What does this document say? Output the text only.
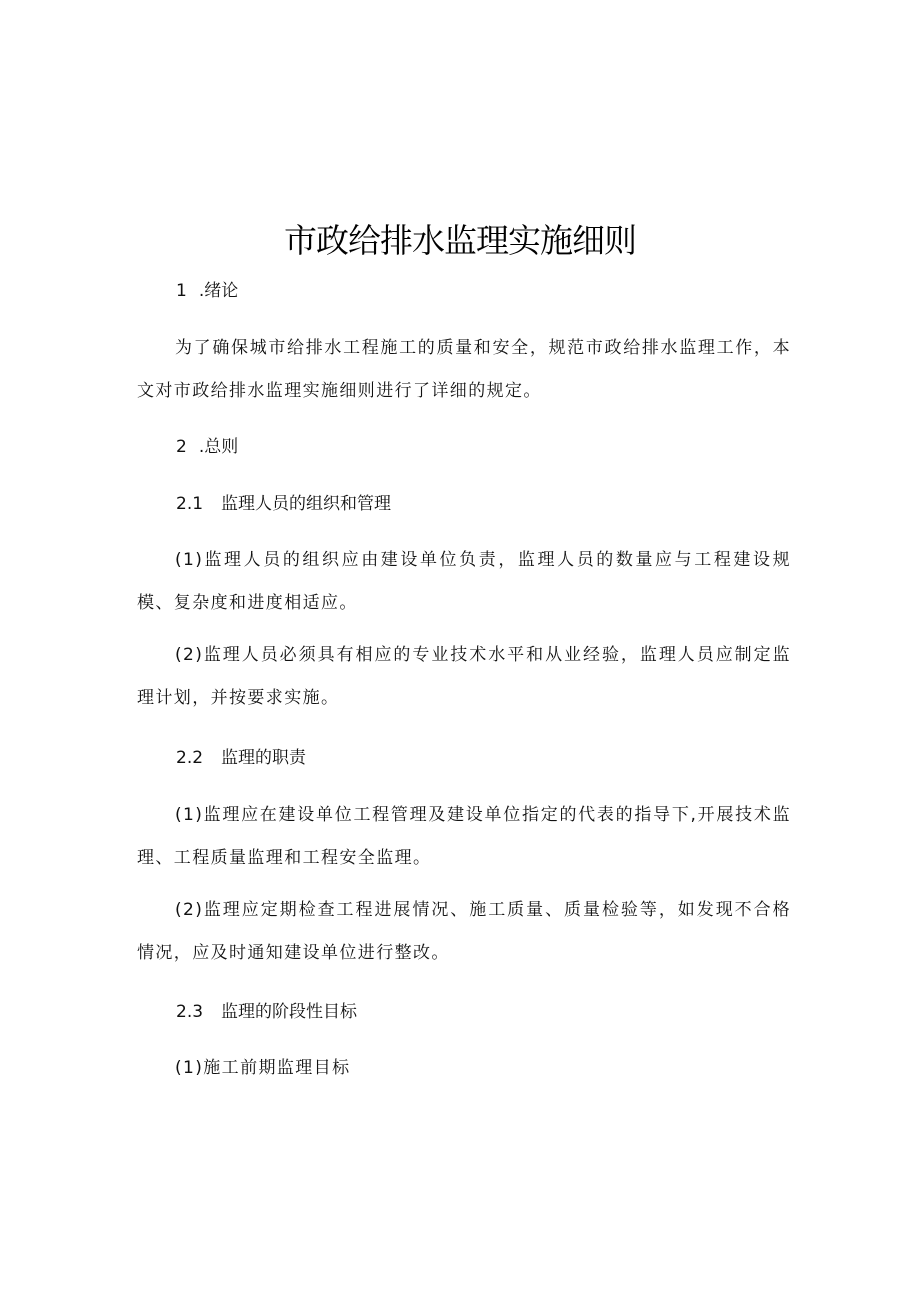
市政给排水监理实施细则
1 .绪论

为了确保城市给排水工程施工的质量和安全，规范市政给排水监理工作，本文对市政给排水监理实施细则进行了详细的规定。

2 .总则
2.1 监理人员的组织和管理

(1)监理人员的组织应由建设单位负责，监理人员的数量应与工程建设规模、复杂度和进度相适应。

(2)监理人员必须具有相应的专业技术水平和从业经验，监理人员应制定监理计划，并按要求实施。

2.2 监理的职责

(1)监理应在建设单位工程管理及建设单位指定的代表的指导下,开展技术监理、工程质量监理和工程安全监理。

(2)监理应定期检查工程进展情况、施工质量、质量检验等，如发现不合格情况，应及时通知建设单位进行整改。

2.3 监理的阶段性目标

(1)施工前期监理目标
